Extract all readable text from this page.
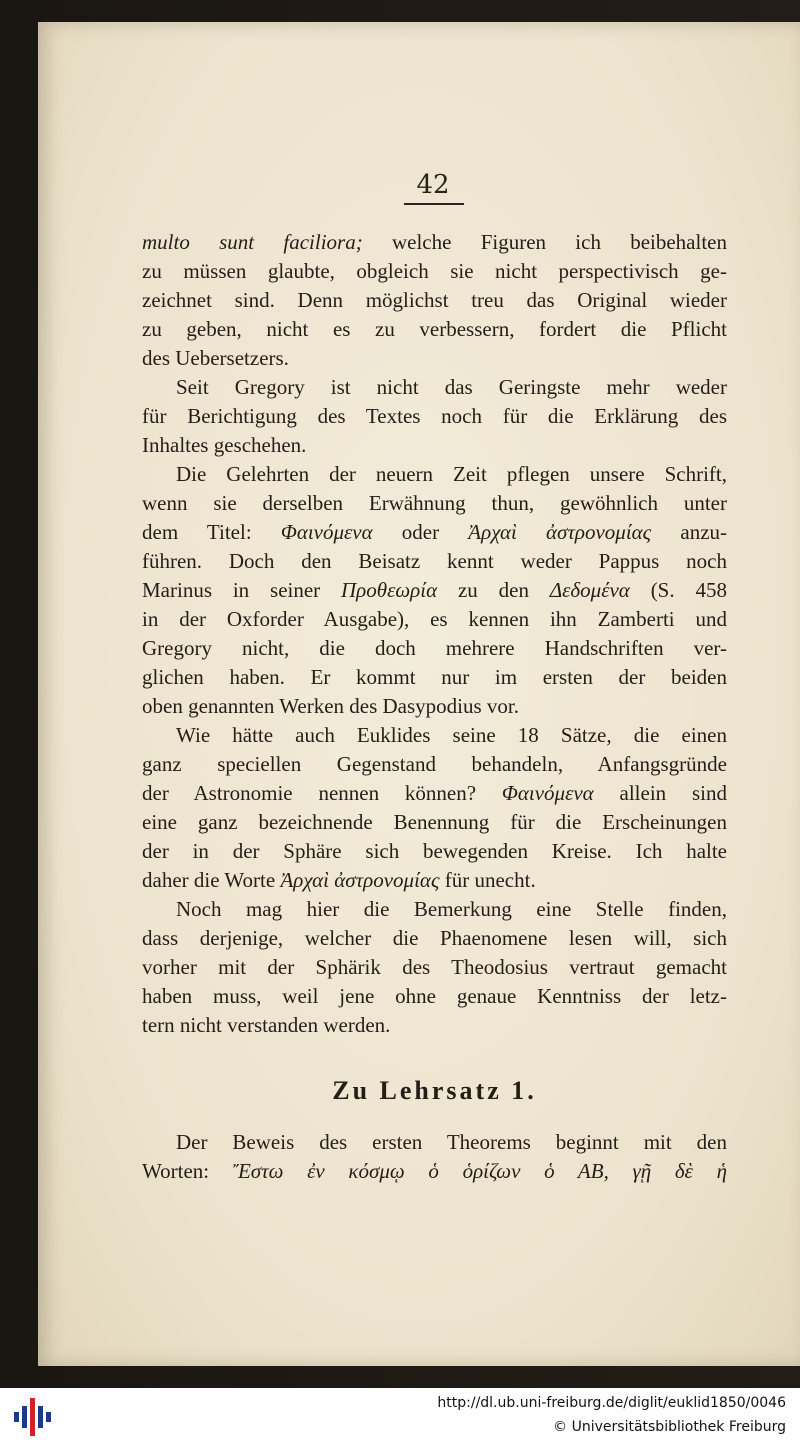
42
multo sunt faciliora; welche Figuren ich beibehalten
zu müssen glaubte, obgleich sie nicht perspectivisch ge-
zeichnet sind. Denn möglichst treu das Original wieder
zu geben, nicht es zu verbessern, fordert die Pflicht
des Uebersetzers.
Seit Gregory ist nicht das Geringste mehr weder
für Berichtigung des Textes noch für die Erklärung des
Inhaltes geschehen.
Die Gelehrten der neuern Zeit pflegen unsere Schrift,
wenn sie derselben Erwähnung thun, gewöhnlich unter
dem Titel: Φαινόμενα oder Ἀρχαὶ ἀστρονομίας anzu-
führen. Doch den Beisatz kennt weder Pappus noch
Marinus in seiner Προθεωρία zu den Δεδομένα (S. 458
in der Oxforder Ausgabe), es kennen ihn Zamberti und
Gregory nicht, die doch mehrere Handschriften ver-
glichen haben. Er kommt nur im ersten der beiden
oben genannten Werken des Dasypodius vor.
Wie hätte auch Euklides seine 18 Sätze, die einen
ganz speciellen Gegenstand behandeln, Anfangsgründe
der Astronomie nennen können? Φαινόμενα allein sind
eine ganz bezeichnende Benennung für die Erscheinungen
der in der Sphäre sich bewegenden Kreise. Ich halte
daher die Worte Ἀρχαὶ ἀστρονομίας für unecht.
Noch mag hier die Bemerkung eine Stelle finden,
dass derjenige, welcher die Phaenomene lesen will, sich
vorher mit der Sphärik des Theodosius vertraut gemacht
haben muss, weil jene ohne genaue Kenntniss der letz-
tern nicht verstanden werden.
Zu Lehrsatz 1.
Der Beweis des ersten Theorems beginnt mit den
Worten: Ἔστω ἐν κόσμῳ ὁ ὁρίζων ὁ ΑΒ, γῇ δὲ ἡ
http://dl.ub.uni-freiburg.de/diglit/euklid1850/0046
© Universitätsbibliothek Freiburg
